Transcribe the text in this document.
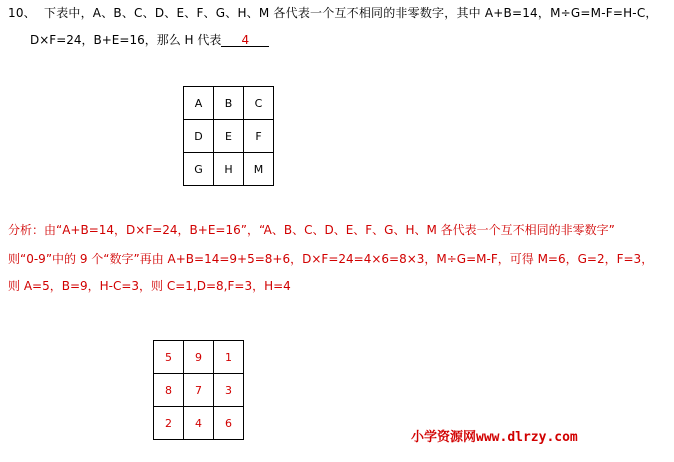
10、 下表中，A、B、C、D、E、F、G、H、M 各代表一个互不相同的非零数字，其中 A+B=14，M÷G=M-F=H-C，
D×F=24，B+E=16，那么 H 代表 4
A	B	C
D	E	F
G	H	M
分析：由“A+B=14，D×F=24，B+E=16”，“A、B、C、D、E、F、G、H、M 各代表一个互不相同的非零数字”
则“0-9”中的 9 个“数字”再由 A+B=14=9+5=8+6，D×F=24=4×6=8×3，M÷G=M-F，可得 M=6，G=2，F=3，
则 A=5，B=9，H-C=3，则 C=1,D=8,F=3，H=4
5	9	1
8	7	3
2	4	6
小学资源网www.dlrzy.com
